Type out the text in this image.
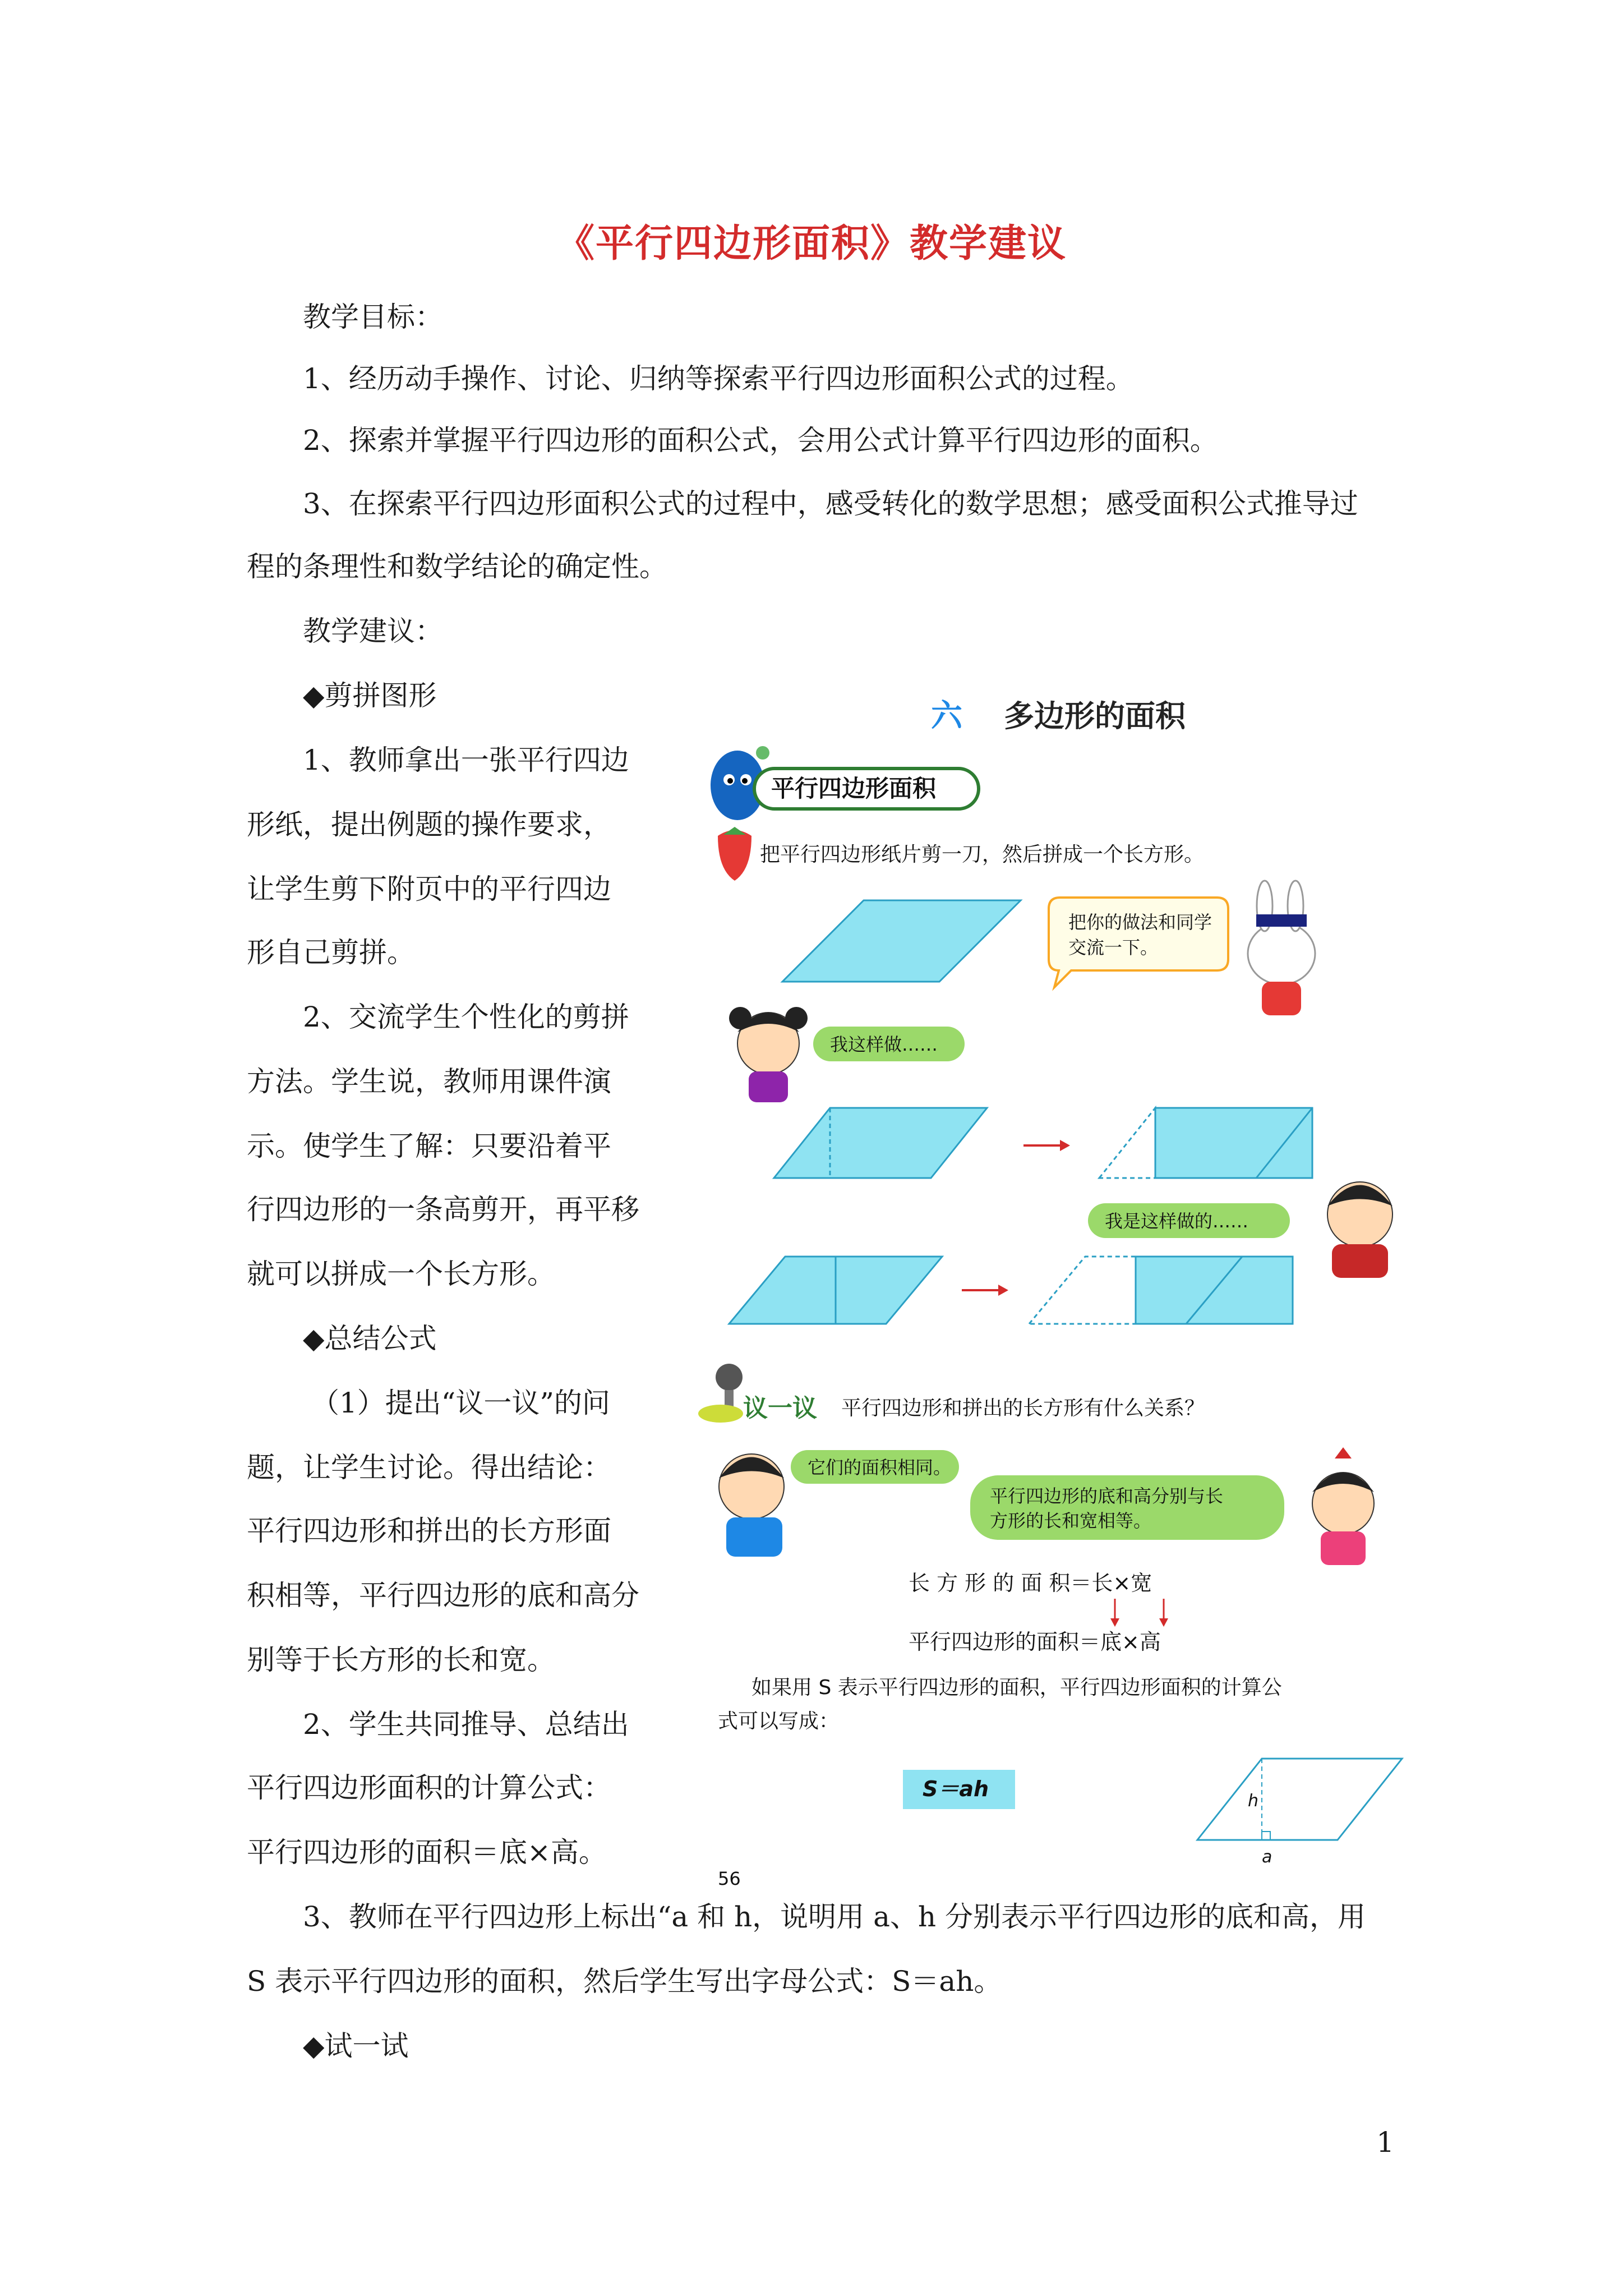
《平行四边形面积》教学建议
教学目标：
1、经历动手操作、讨论、归纳等探索平行四边形面积公式的过程。
2、探索并掌握平行四边形的面积公式，会用公式计算平行四边形的面积。
3、在探索平行四边形面积公式的过程中，感受转化的数学思想；感受面积公式推导过
程的条理性和数学结论的确定性。
教学建议：
◆剪拼图形
1、教师拿出一张平行四边
形纸，提出例题的操作要求，
让学生剪下附页中的平行四边
形自己剪拼。
2、交流学生个性化的剪拼
方法。学生说，教师用课件演
示。使学生了解：只要沿着平
行四边形的一条高剪开，再平移
就可以拼成一个长方形。
◆总结公式
（1）提出“议一议”的问
题，让学生讨论。得出结论：
平行四边形和拼出的长方形面
积相等，平行四边形的底和高分
别等于长方形的长和宽。
2、学生共同推导、总结出
平行四边形面积的计算公式：
平行四边形的面积＝底×高。
3、教师在平行四边形上标出“a 和 h，说明用 a、h 分别表示平行四边形的底和高，用
S 表示平行四边形的面积，然后学生写出字母公式：S＝ah。
◆试一试
1
六 多边形的面积
平行四边形面积
把平行四边形纸片剪一刀，然后拼成一个长方形。
把你的做法和同学
交流一下。
我这样做……
我是这样做的……
议一议 平行四边形和拼出的长方形有什么关系？
它们的面积相同。
平行四边形的底和高分别与长
方形的长和宽相等。
长 方 形 的 面 积＝长×宽
平行四边形的面积＝底×高
如果用 S 表示平行四边形的面积，平行四边形面积的计算公
式可以写成：
S＝ah	h
a
56
